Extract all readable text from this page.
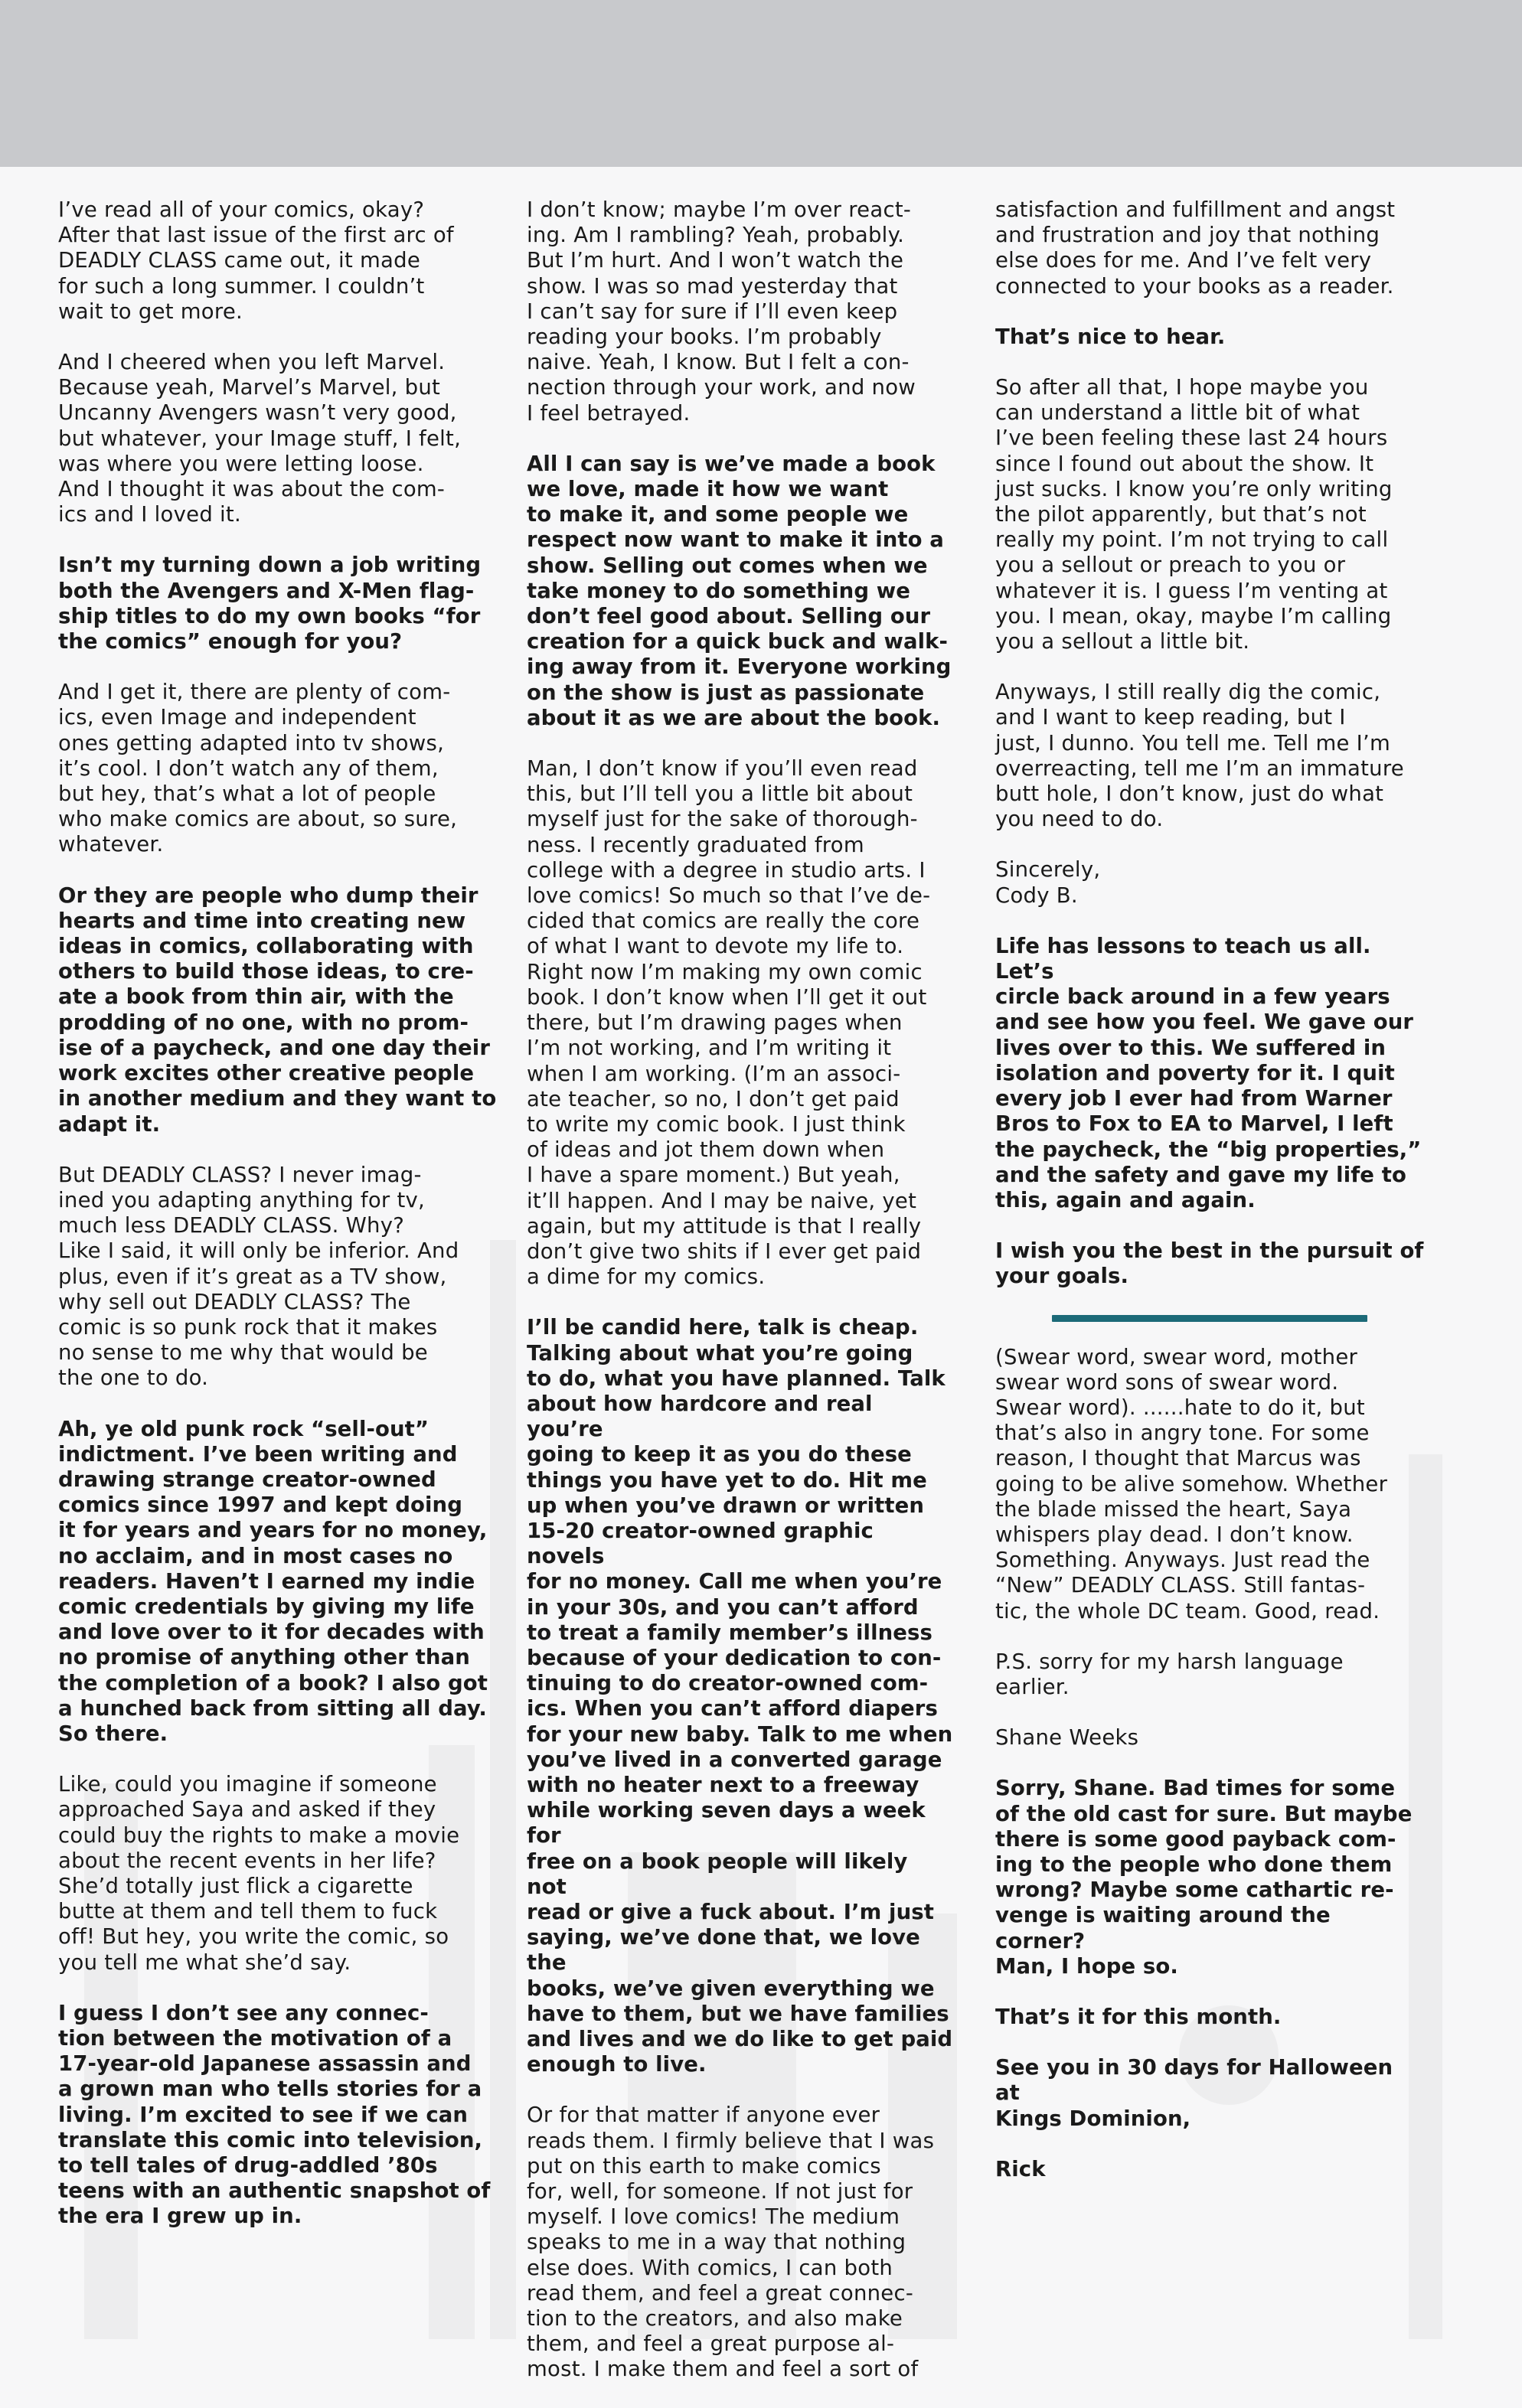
I’ve read all of your comics, okay?
After that last issue of the first arc of
DEADLY CLASS came out, it made
for such a long summer. I couldn’t
wait to get more.

And I cheered when you left Marvel.
Because yeah, Marvel’s Marvel, but
Uncanny Avengers wasn’t very good,
but whatever, your Image stuff, I felt,
was where you were letting loose.
And I thought it was about the com-
ics and I loved it.

Isn’t my turning down a job writing
both the Avengers and X-Men flag-
ship titles to do my own books “for
the comics” enough for you?

And I get it, there are plenty of com-
ics, even Image and independent
ones getting adapted into tv shows,
it’s cool. I don’t watch any of them,
but hey, that’s what a lot of people
who make comics are about, so sure,
whatever.

Or they are people who dump their
hearts and time into creating new
ideas in comics, collaborating with
others to build those ideas, to cre-
ate a book from thin air, with the
prodding of no one, with no prom-
ise of a paycheck, and one day their
work excites other creative people
in another medium and they want to
adapt it.

But DEADLY CLASS? I never imag-
ined you adapting anything for tv,
much less DEADLY CLASS. Why?
Like I said, it will only be inferior. And
plus, even if it’s great as a TV show,
why sell out DEADLY CLASS? The
comic is so punk rock that it makes
no sense to me why that would be
the one to do.

Ah, ye old punk rock “sell-out”
indictment. I’ve been writing and
drawing strange creator-owned
comics since 1997 and kept doing
it for years and years for no money,
no acclaim, and in most cases no
readers. Haven’t I earned my indie
comic credentials by giving my life
and love over to it for decades with
no promise of anything other than
the completion of a book? I also got
a hunched back from sitting all day.
So there.

Like, could you imagine if someone
approached Saya and asked if they
could buy the rights to make a movie
about the recent events in her life?
She’d totally just flick a cigarette
butte at them and tell them to fuck
off! But hey, you write the comic, so
you tell me what she’d say.

I guess I don’t see any connec-
tion between the motivation of a
17-year-old Japanese assassin and
a grown man who tells stories for a
living. I’m excited to see if we can
translate this comic into television,
to tell tales of drug-addled ’80s
teens with an authentic snapshot of
the era I grew up in.

I don’t know; maybe I’m over react-
ing. Am I rambling? Yeah, probably.
But I’m hurt. And I won’t watch the
show. I was so mad yesterday that
I can’t say for sure if I’ll even keep
reading your books. I’m probably
naive. Yeah, I know. But I felt a con-
nection through your work, and now
I feel betrayed.

All I can say is we’ve made a book
we love, made it how we want
to make it, and some people we
respect now want to make it into a
show. Selling out comes when we
take money to do something we
don’t feel good about. Selling our
creation for a quick buck and walk-
ing away from it. Everyone working
on the show is just as passionate
about it as we are about the book.

Man, I don’t know if you’ll even read
this, but I’ll tell you a little bit about
myself just for the sake of thorough-
ness. I recently graduated from
college with a degree in studio arts. I
love comics! So much so that I’ve de-
cided that comics are really the core
of what I want to devote my life to.
Right now I’m making my own comic
book. I don’t know when I’ll get it out
there, but I’m drawing pages when
I’m not working, and I’m writing it
when I am working. (I’m an associ-
ate teacher, so no, I don’t get paid
to write my comic book. I just think
of ideas and jot them down when
I have a spare moment.) But yeah,
it’ll happen. And I may be naive, yet
again, but my attitude is that I really
don’t give two shits if I ever get paid
a dime for my comics.

I’ll be candid here, talk is cheap.
Talking about what you’re going
to do, what you have planned. Talk
about how hardcore and real you’re
going to keep it as you do these
things you have yet to do. Hit me
up when you’ve drawn or written
15-20 creator-owned graphic novels
for no money. Call me when you’re
in your 30s, and you can’t afford
to treat a family member’s illness
because of your dedication to con-
tinuing to do creator-owned com-
ics. When you can’t afford diapers
for your new baby. Talk to me when
you’ve lived in a converted garage
with no heater next to a freeway
while working seven days a week for
free on a book people will likely not
read or give a fuck about. I’m just
saying, we’ve done that, we love the
books, we’ve given everything we
have to them, but we have families
and lives and we do like to get paid
enough to live.

Or for that matter if anyone ever
reads them. I firmly believe that I was
put on this earth to make comics
for, well, for someone. If not just for
myself. I love comics! The medium
speaks to me in a way that nothing
else does. With comics, I can both
read them, and feel a great connec-
tion to the creators, and also make
them, and feel a great purpose al-
most. I make them and feel a sort of

satisfaction and fulfillment and angst
and frustration and joy that nothing
else does for me. And I’ve felt very
connected to your books as a reader.

That’s nice to hear.

So after all that, I hope maybe you
can understand a little bit of what
I’ve been feeling these last 24 hours
since I found out about the show. It
just sucks. I know you’re only writing
the pilot apparently, but that’s not
really my point. I’m not trying to call
you a sellout or preach to you or
whatever it is. I guess I’m venting at
you. I mean, okay, maybe I’m calling
you a sellout a little bit.

Anyways, I still really dig the comic,
and I want to keep reading, but I
just, I dunno. You tell me. Tell me I’m
overreacting, tell me I’m an immature
butt hole, I don’t know, just do what
you need to do.

Sincerely,
Cody B.

Life has lessons to teach us all. Let’s
circle back around in a few years
and see how you feel. We gave our
lives over to this. We suffered in
isolation and poverty for it. I quit
every job I ever had from Warner
Bros to Fox to EA to Marvel, I left
the paycheck, the “big properties,”
and the safety and gave my life to
this, again and again.

I wish you the best in the pursuit of
your goals.

(Swear word, swear word, mother
swear word sons of swear word.
Swear word). ......hate to do it, but
that’s also in angry tone. For some
reason, I thought that Marcus was
going to be alive somehow. Whether
the blade missed the heart, Saya
whispers play dead. I don’t know.
Something. Anyways. Just read the
“New” DEADLY CLASS. Still fantas-
tic, the whole DC team. Good, read.

P.S. sorry for my harsh language
earlier.

Shane Weeks

Sorry, Shane. Bad times for some
of the old cast for sure. But maybe
there is some good payback com-
ing to the people who done them
wrong? Maybe some cathartic re-
venge is waiting around the corner?
Man, I hope so.

That’s it for this month.

See you in 30 days for Halloween at
Kings Dominion,

Rick
